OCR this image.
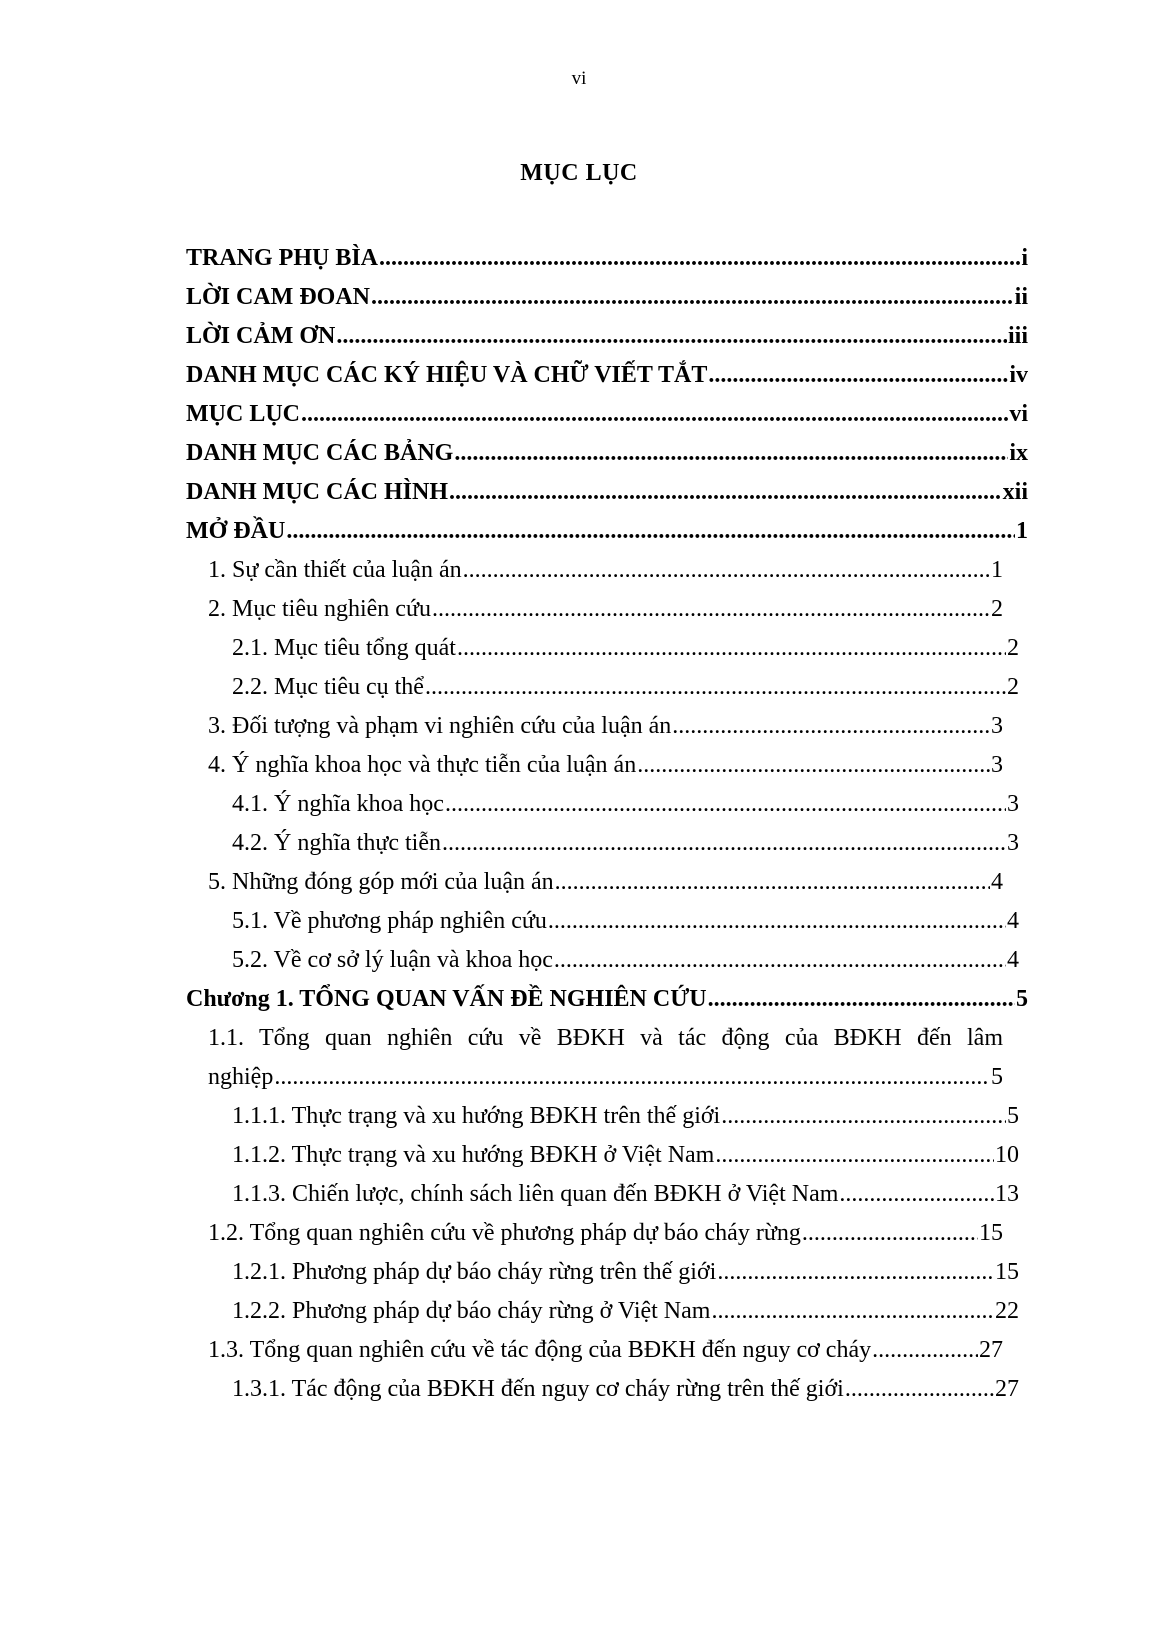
vi
MỤC LỤC
TRANG PHỤ BÌA .....	i
LỜI CAM ĐOAN .....	ii
LỜI CẢM ƠN .....	iii
DANH MỤC CÁC KÝ HIỆU VÀ CHỮ VIẾT TẮT .....	iv
MỤC LỤC .....	vi
DANH MỤC CÁC BẢNG .....	ix
DANH MỤC CÁC HÌNH .....	xii
MỞ ĐẦU .....	1
1. Sự cần thiết của luận án .....	1
2. Mục tiêu nghiên cứu .....	2
2.1. Mục tiêu tổng quát .....	2
2.2. Mục tiêu cụ thể .....	2
3. Đối tượng và phạm vi nghiên cứu của luận án .....	3
4. Ý nghĩa khoa học và thực tiễn của luận án .....	3
4.1. Ý nghĩa khoa học .....	3
4.2. Ý nghĩa thực tiễn .....	3
5. Những đóng góp mới của luận án .....	4
5.1. Về phương pháp nghiên cứu .....	4
5.2. Về cơ sở lý luận và khoa học .....	4
Chương 1. TỔNG QUAN VẤN ĐỀ NGHIÊN CỨU .....	5
1.1. Tổng quan nghiên cứu về BĐKH và tác động của BĐKH đến lâm
nghiệp .....	5
1.1.1. Thực trạng và xu hướng BĐKH trên thế giới .....	5
1.1.2. Thực trạng và xu hướng BĐKH ở Việt Nam .....	10
1.1.3. Chiến lược, chính sách liên quan đến BĐKH ở Việt Nam .....	13
1.2. Tổng quan nghiên cứu về phương pháp dự báo cháy rừng .....	15
1.2.1. Phương pháp dự báo cháy rừng trên thế giới .....	15
1.2.2. Phương pháp dự báo cháy rừng ở Việt Nam .....	22
1.3. Tổng quan nghiên cứu về tác động của BĐKH đến nguy cơ cháy .....	27
1.3.1. Tác động của BĐKH đến nguy cơ cháy rừng trên thế giới .....	27
